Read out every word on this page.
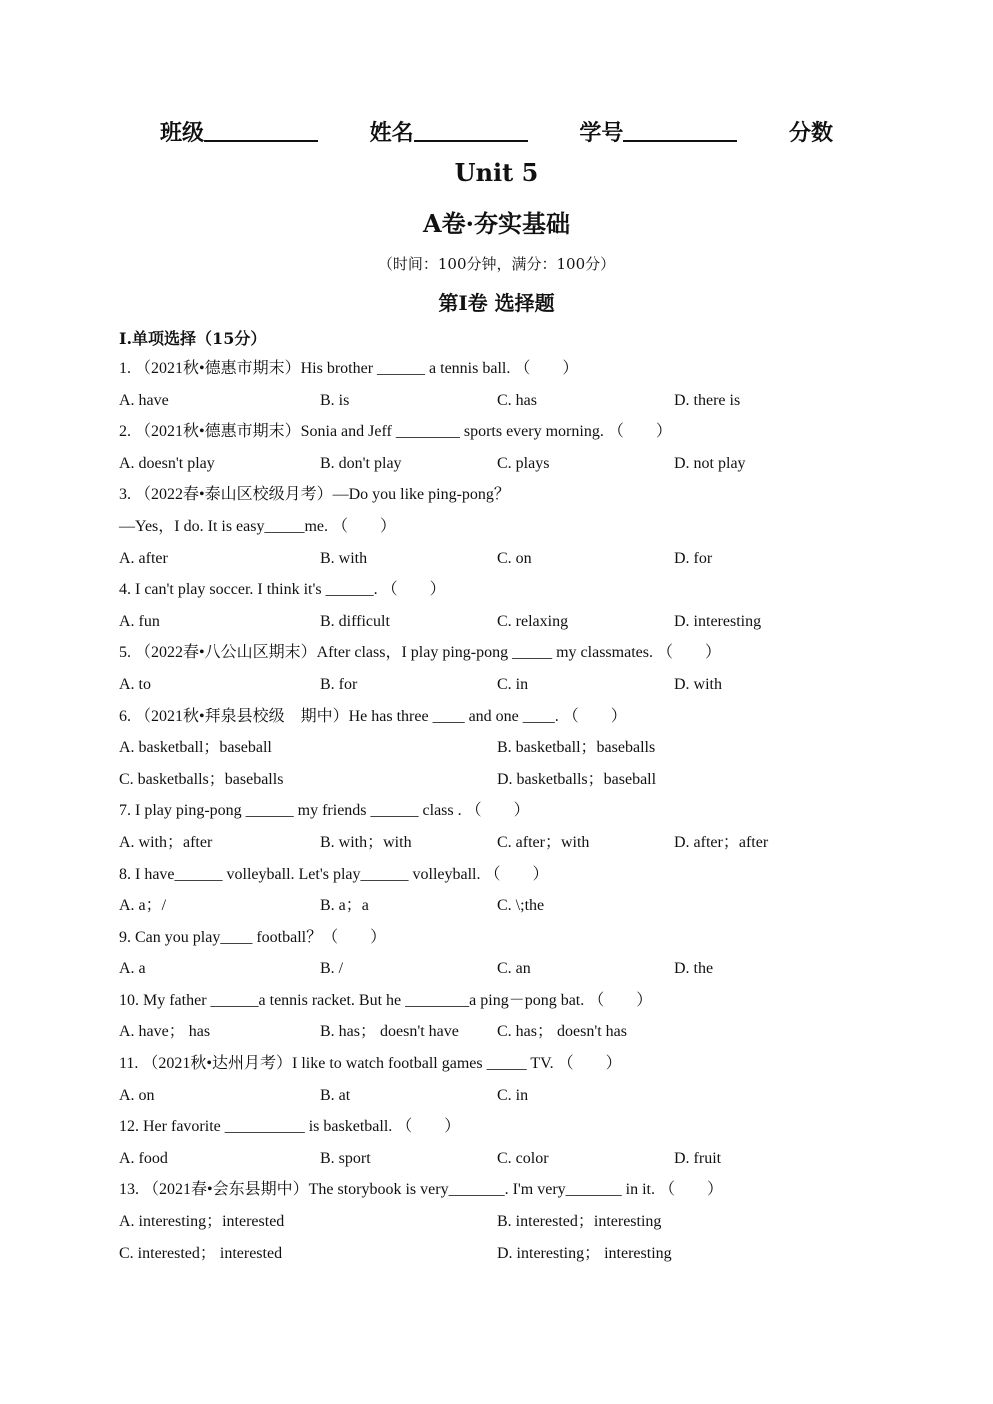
班级	姓名	学号	分数
Unit 5
A卷·夯实基础
（时间：100分钟，满分：100分）
第Ⅰ卷 选择题
I.单项选择（15分）
1. （2021秋•德惠市期末）His brother ______ a tennis ball. （　　）
A. have	B. is	C. has	D. there is
2. （2021秋•德惠市期末）Sonia and Jeff ________ sports every morning. （　　）
A. doesn't play	B. don't play	C. plays	D. not play
3. （2022春•泰山区校级月考）—Do you like ping-pong？
—Yes，I do. It is easy_____me. （　　）
A. after	B. with	C. on	D. for
4. I can't play soccer. I think it's ______. （　　）
A. fun	B. difficult	C. relaxing	D. interesting
5. （2022春•八公山区期末）After class，I play ping-pong _____ my classmates. （　　）
A. to	B. for	C. in	D. with
6. （2021秋•拜泉县校级　期中）He has three ____ and one ____. （　　）
A. basketball；baseball	B. basketball；baseballs
C. basketballs；baseballs	D. basketballs；baseball
7. I play ping-pong ______ my friends ______ class . （　　）
A. with；after	B. with；with	C. after；with	D. after；after
8. I have______ volleyball. Let's play______ volleyball. （　　）
A. a；/	B. a；a	C. \;the
9. Can you play____ football？（　　）
A. a	B. /	C. an	D. the
10. My father ______a tennis racket. But he ________a ping－pong bat. （　　）
A. have； has	B. has； doesn't have C. has； doesn't has
11. （2021秋•达州月考）I like to watch football games _____ TV. （　　）
A. on	B. at	C. in
12. Her favorite __________ is basketball. （　　）
A. food	B. sport	C. color	D. fruit
13. （2021春•会东县期中）The storybook is very_______. I'm very_______ in it. （　　）
A. interesting；interested	B. interested；interesting
C. interested； interested	D. interesting； interesting
